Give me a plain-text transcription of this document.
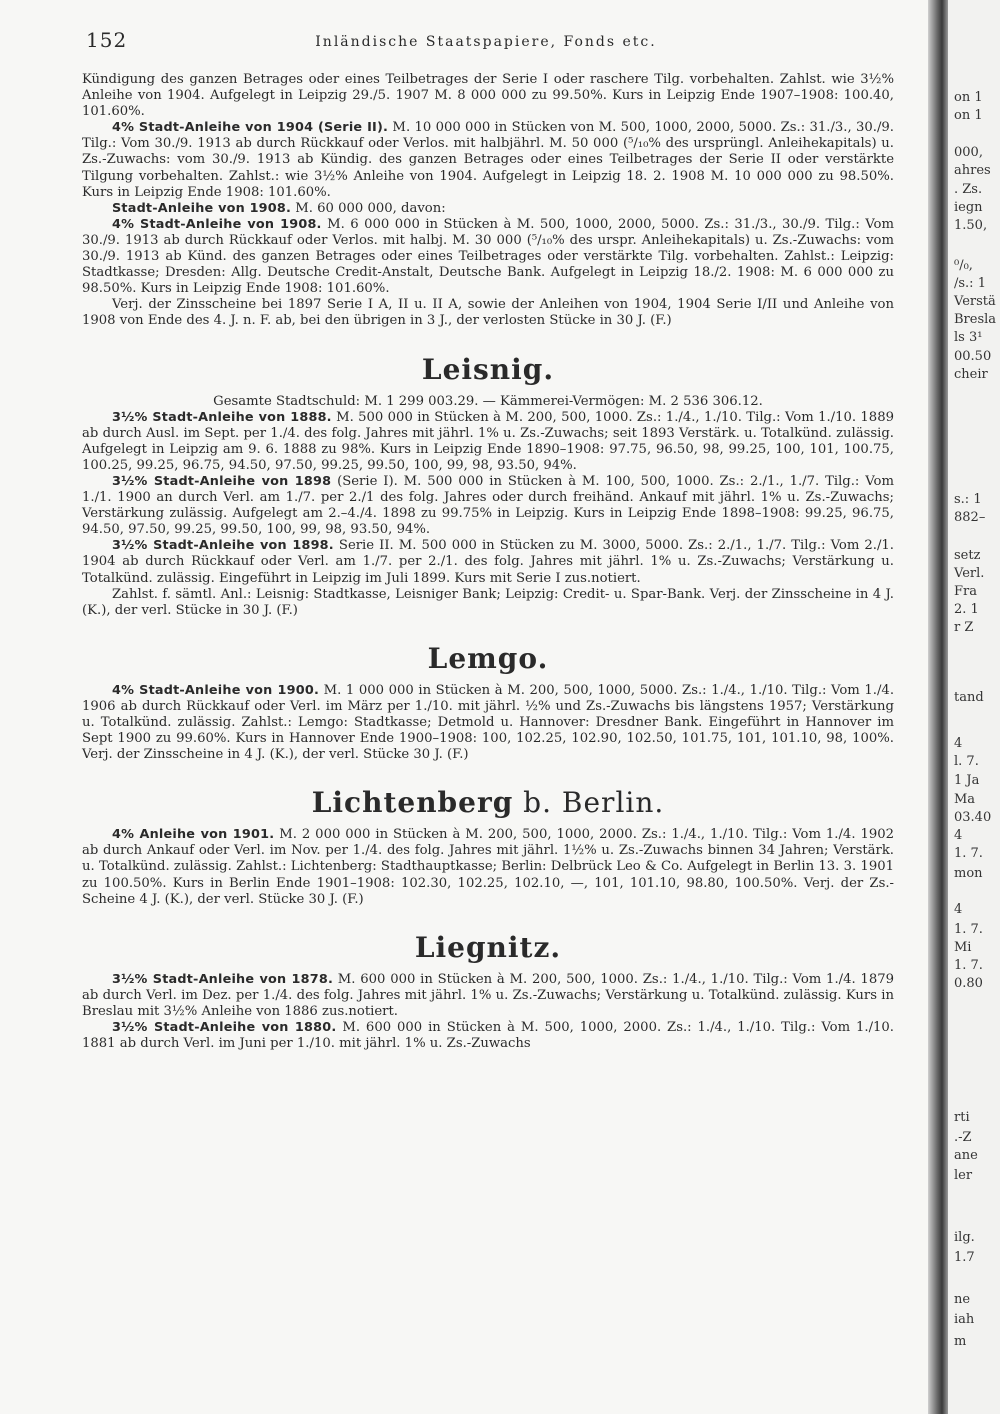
152	Inländische Staatspapiere, Fonds etc.

Kündigung des ganzen Betrages oder eines Teilbetrages der Serie I oder raschere Tilg. vorbehalten. Zahlst. wie 3½% Anleihe von 1904. Aufgelegt in Leipzig 29./5. 1907 M. 8 000 000 zu 99.50%. Kurs in Leipzig Ende 1907–1908: 100.40, 101.60%.

4% Stadt-Anleihe von 1904 (Serie II). M. 10 000 000 in Stücken von M. 500, 1000, 2000, 5000. Zs.: 31./3., 30./9. Tilg.: Vom 30./9. 1913 ab durch Rückkauf oder Verlos. mit halbjährl. M. 50 000 (⁵/₁₀% des ursprüngl. Anleihekapitals) u. Zs.-Zuwachs: vom 30./9. 1913 ab Kündig. des ganzen Betrages oder eines Teilbetrages der Serie II oder verstärkte Tilgung vorbehalten. Zahlst.: wie 3½% Anleihe von 1904. Aufgelegt in Leipzig 18. 2. 1908 M. 10 000 000 zu 98.50%. Kurs in Leipzig Ende 1908: 101.60%.

Stadt-Anleihe von 1908. M. 60 000 000, davon:

4% Stadt-Anleihe von 1908. M. 6 000 000 in Stücken à M. 500, 1000, 2000, 5000. Zs.: 31./3., 30./9. Tilg.: Vom 30./9. 1913 ab durch Rückkauf oder Verlos. mit halbj. M. 30 000 (⁵/₁₀% des urspr. Anleihekapitals) u. Zs.-Zuwachs: vom 30./9. 1913 ab Künd. des ganzen Betrages oder eines Teilbetrages oder verstärkte Tilg. vorbehalten. Zahlst.: Leipzig: Stadtkasse; Dresden: Allg. Deutsche Credit-Anstalt, Deutsche Bank. Aufgelegt in Leipzig 18./2. 1908: M. 6 000 000 zu 98.50%. Kurs in Leipzig Ende 1908: 101.60%.

Verj. der Zinsscheine bei 1897 Serie I A, II u. II A, sowie der Anleihen von 1904, 1904 Serie I/II und Anleihe von 1908 von Ende des 4. J. n. F. ab, bei den übrigen in 3 J., der verlosten Stücke in 30 J. (F.)

Leisnig.

Gesamte Stadtschuld: M. 1 299 003.29. — Kämmerei-Vermögen: M. 2 536 306.12.

3½% Stadt-Anleihe von 1888. M. 500 000 in Stücken à M. 200, 500, 1000. Zs.: 1./4., 1./10. Tilg.: Vom 1./10. 1889 ab durch Ausl. im Sept. per 1./4. des folg. Jahres mit jährl. 1% u. Zs.-Zuwachs; seit 1893 Verstärk. u. Totalkünd. zulässig. Aufgelegt in Leipzig am 9. 6. 1888 zu 98%. Kurs in Leipzig Ende 1890–1908: 97.75, 96.50, 98, 99.25, 100, 101, 100.75, 100.25, 99.25, 96.75, 94.50, 97.50, 99.25, 99.50, 100, 99, 98, 93.50, 94%.

3½% Stadt-Anleihe von 1898 (Serie I). M. 500 000 in Stücken à M. 100, 500, 1000. Zs.: 2./1., 1./7. Tilg.: Vom 1./1. 1900 an durch Verl. am 1./7. per 2./1 des folg. Jahres oder durch freihänd. Ankauf mit jährl. 1% u. Zs.-Zuwachs; Verstärkung zulässig. Aufgelegt am 2.–4./4. 1898 zu 99.75% in Leipzig. Kurs in Leipzig Ende 1898–1908: 99.25, 96.75, 94.50, 97.50, 99.25, 99.50, 100, 99, 98, 93.50, 94%.

3½% Stadt-Anleihe von 1898. Serie II. M. 500 000 in Stücken zu M. 3000, 5000. Zs.: 2./1., 1./7. Tilg.: Vom 2./1. 1904 ab durch Rückkauf oder Verl. am 1./7. per 2./1. des folg. Jahres mit jährl. 1% u. Zs.-Zuwachs; Verstärkung u. Totalkünd. zulässig. Eingeführt in Leipzig im Juli 1899. Kurs mit Serie I zus.notiert.

Zahlst. f. sämtl. Anl.: Leisnig: Stadtkasse, Leisniger Bank; Leipzig: Credit- u. Spar-Bank. Verj. der Zinsscheine in 4 J. (K.), der verl. Stücke in 30 J. (F.)

Lemgo.

4% Stadt-Anleihe von 1900. M. 1 000 000 in Stücken à M. 200, 500, 1000, 5000. Zs.: 1./4., 1./10. Tilg.: Vom 1./4. 1906 ab durch Rückkauf oder Verl. im März per 1./10. mit jährl. ½% und Zs.-Zuwachs bis längstens 1957; Verstärkung u. Totalkünd. zulässig. Zahlst.: Lemgo: Stadtkasse; Detmold u. Hannover: Dresdner Bank. Eingeführt in Hannover im Sept 1900 zu 99.60%. Kurs in Hannover Ende 1900–1908: 100, 102.25, 102.90, 102.50, 101.75, 101, 101.10, 98, 100%. Verj. der Zinsscheine in 4 J. (K.), der verl. Stücke 30 J. (F.)

Lichtenberg b. Berlin.

4% Anleihe von 1901. M. 2 000 000 in Stücken à M. 200, 500, 1000, 2000. Zs.: 1./4., 1./10. Tilg.: Vom 1./4. 1902 ab durch Ankauf oder Verl. im Nov. per 1./4. des folg. Jahres mit jährl. 1½% u. Zs.-Zuwachs binnen 34 Jahren; Verstärk. u. Totalkünd. zulässig. Zahlst.: Lichtenberg: Stadthauptkasse; Berlin: Delbrück Leo & Co. Aufgelegt in Berlin 13. 3. 1901 zu 100.50%. Kurs in Berlin Ende 1901–1908: 102.30, 102.25, 102.10, —, 101, 101.10, 98.80, 100.50%. Verj. der Zs.-Scheine 4 J. (K.), der verl. Stücke 30 J. (F.)

Liegnitz.

3½% Stadt-Anleihe von 1878. M. 600 000 in Stücken à M. 200, 500, 1000. Zs.: 1./4., 1./10. Tilg.: Vom 1./4. 1879 ab durch Verl. im Dez. per 1./4. des folg. Jahres mit jährl. 1% u. Zs.-Zuwachs; Verstärkung u. Totalkünd. zulässig. Kurs in Breslau mit 3½% Anleihe von 1886 zus.notiert.

3½% Stadt-Anleihe von 1880. M. 600 000 in Stücken à M. 500, 1000, 2000. Zs.: 1./4., 1./10. Tilg.: Vom 1./10. 1881 ab durch Verl. im Juni per 1./10. mit jährl. 1% u. Zs.-Zuwachs

on 1
on 1
000,
ahres
. Zs.
iegn
1.50,
⁰/₀,
/s.: 1
Verstä
Bresla
ls 3¹
00.50
cheir
s.: 1
882–
setz
Verl.
Fra
2. 1
r Z
tand
4
l. 7.
1 Ja
Ma
03.40
4
1. 7.
mon
4
1. 7.
Mi
1. 7.
0.80
rti
.-Z
ane
ler
ilg.
1.7
ne
iah
m
